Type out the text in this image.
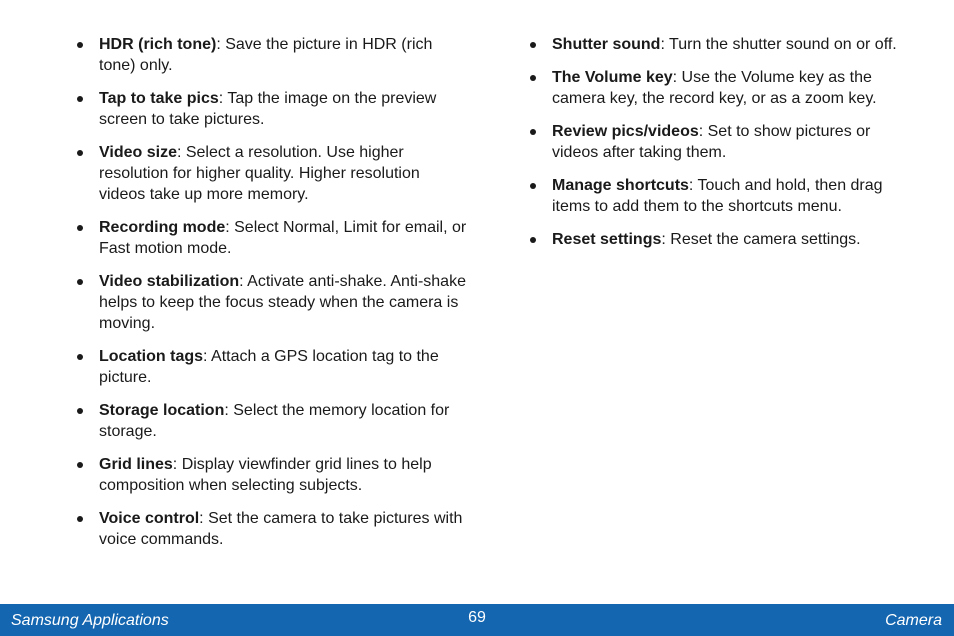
HDR (rich tone): Save the picture in HDR (rich tone) only.
Tap to take pics: Tap the image on the preview screen to take pictures.
Video size: Select a resolution. Use higher resolution for higher quality. Higher resolution videos take up more memory.
Recording mode: Select Normal, Limit for email, or Fast motion mode.
Video stabilization: Activate anti-shake. Anti-shake helps to keep the focus steady when the camera is moving.
Location tags: Attach a GPS location tag to the picture.
Storage location: Select the memory location for storage.
Grid lines: Display viewfinder grid lines to help composition when selecting subjects.
Voice control: Set the camera to take pictures with voice commands.
Shutter sound: Turn the shutter sound on or off.
The Volume key: Use the Volume key as the camera key, the record key, or as a zoom key.
Review pics/videos: Set to show pictures or videos after taking them.
Manage shortcuts: Touch and hold, then drag items to add them to the shortcuts menu.
Reset settings: Reset the camera settings.
Samsung Applications	69	Camera
